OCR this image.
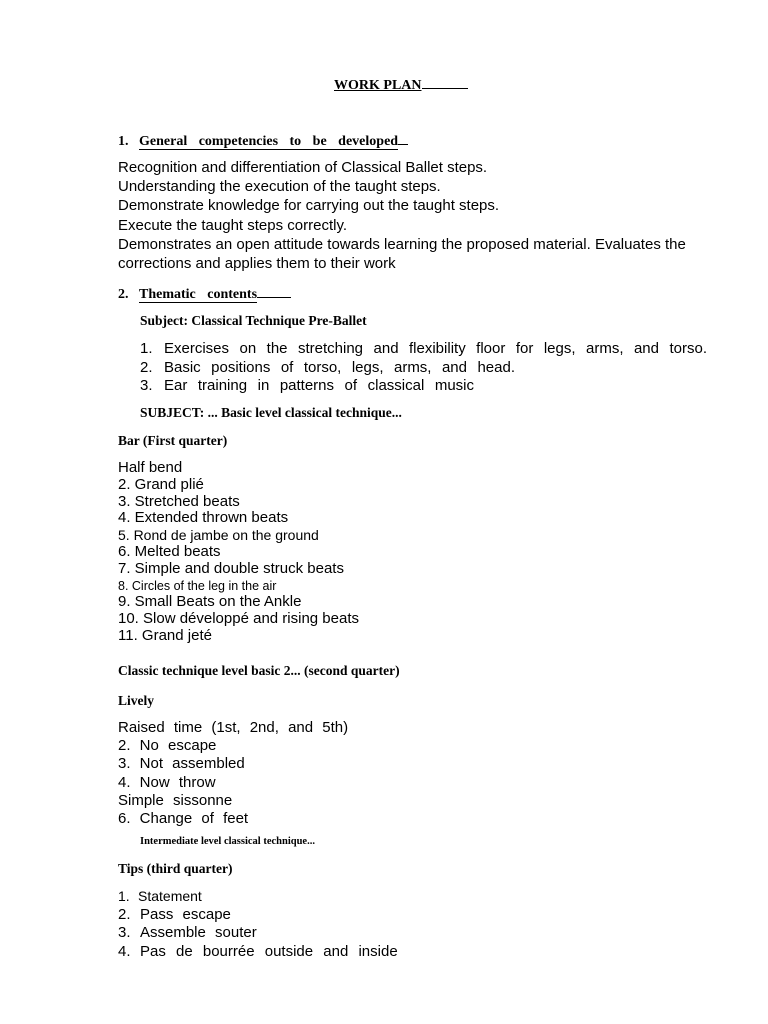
WORK PLAN
1. General competencies to be developed
Recognition and differentiation of Classical Ballet steps.
Understanding the execution of the taught steps.
Demonstrate knowledge for carrying out the taught steps.
Execute the taught steps correctly.
Demonstrates an open attitude towards learning the proposed material. Evaluates the
corrections and applies them to their work
2. Thematic contents
Subject: Classical Technique Pre-Ballet
1. Exercises on the stretching and flexibility floor for legs, arms, and torso.
2. Basic positions of torso, legs, arms, and head.
3. Ear training in patterns of classical music
SUBJECT: ... Basic level classical technique...
Bar (First quarter)
Half bend
2. Grand plié
3. Stretched beats
4. Extended thrown beats
5. Rond de jambe on the ground
6. Melted beats
7. Simple and double struck beats
8. Circles of the leg in the air
9. Small Beats on the Ankle
10. Slow développé and rising beats
11. Grand jeté
Classic technique level basic 2... (second quarter)
Lively
Raised time (1st, 2nd, and 5th)
2. No escape
3. Not assembled
4. Now throw
Simple sissonne
6. Change of feet
Intermediate level classical technique...
Tips (third quarter)
1. Statement
2. Pass escape
3. Assemble souter
4. Pas de bourrée outside and inside
